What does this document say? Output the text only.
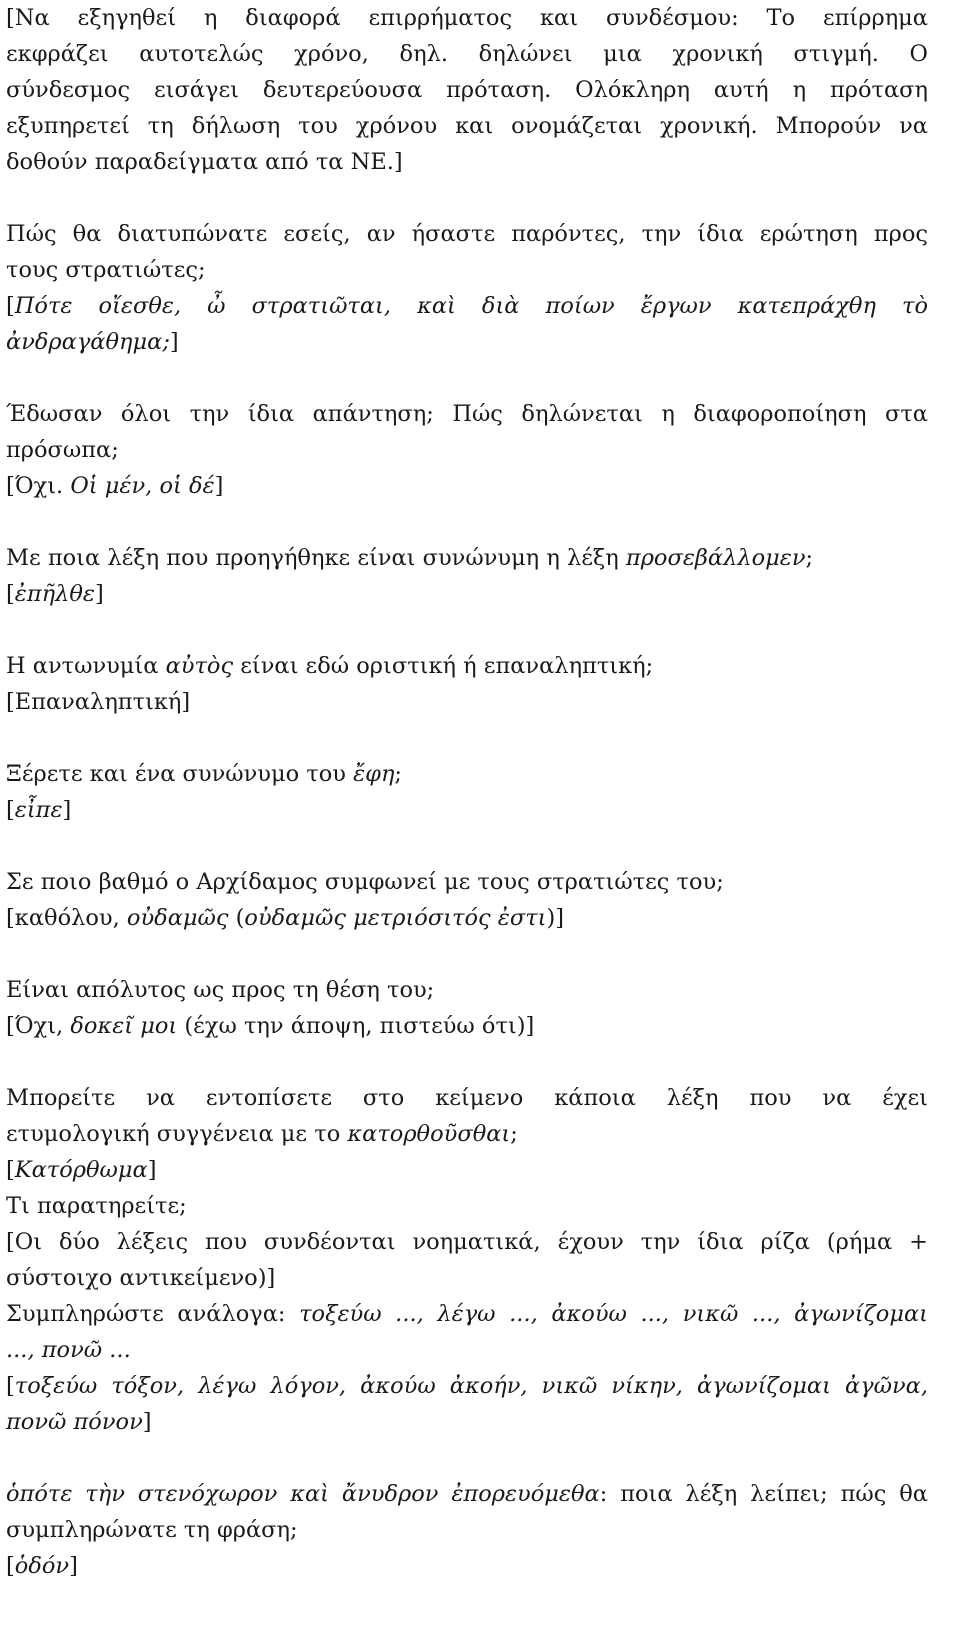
[Να εξηγηθεί η διαφορά επιρρήματος και συνδέσμου: Το επίρρημα
εκφράζει αυτοτελώς χρόνο, δηλ. δηλώνει μια χρονική στιγμή. Ο
σύνδεσμος εισάγει δευτερεύουσα πρόταση. Ολόκληρη αυτή η πρόταση
εξυπηρετεί τη δήλωση του χρόνου και ονομάζεται χρονική. Μπορούν να
δοθούν παραδείγματα από τα ΝΕ.]
Πώς θα διατυπώνατε εσείς, αν ήσαστε παρόντες, την ίδια ερώτηση προς
τους στρατιώτες;
[Πότε οἴεσθε, ὦ στρατιῶται, καὶ διὰ ποίων ἔργων κατεπράχθη τὸ
ἀνδραγάθημα;]
Έδωσαν όλοι την ίδια απάντηση; Πώς δηλώνεται η διαφοροποίηση στα
πρόσωπα;
[Όχι. Οἱ μέν, οἱ δέ]
Με ποια λέξη που προηγήθηκε είναι συνώνυμη η λέξη προσεβάλλομεν;
[ἐπῆλθε]
Η αντωνυμία αὐτὸς είναι εδώ οριστική ή επαναληπτική;
[Επαναληπτική]
Ξέρετε και ένα συνώνυμο του ἔφη;
[εἶπε]
Σε ποιο βαθμό ο Αρχίδαμος συμφωνεί με τους στρατιώτες του;
[καθόλου, οὐδαμῶς (οὐδαμῶς μετριόσιτός ἐστι)]
Είναι απόλυτος ως προς τη θέση του;
[Όχι, δοκεῖ μοι (έχω την άποψη, πιστεύω ότι)]
Μπορείτε να εντοπίσετε στο κείμενο κάποια λέξη που να έχει
ετυμολογική συγγένεια με το κατορθοῦσθαι;
[Κατόρθωμα]
Τι παρατηρείτε;
[Οι δύο λέξεις που συνδέονται νοηματικά, έχουν την ίδια ρίζα (ρήμα +
σύστοιχο αντικείμενο)]
Συμπληρώστε ανάλογα: τοξεύω ..., λέγω ..., ἀκούω ..., νικῶ ..., ἀγωνίζομαι
..., πονῶ ...
[τοξεύω τόξον, λέγω λόγον, ἀκούω ἀκοήν, νικῶ νίκην, ἀγωνίζομαι ἀγῶνα,
πονῶ πόνον]
ὁπότε τὴν στενόχωρον καὶ ἄνυδρον ἐπορευόμεθα: ποια λέξη λείπει; πώς θα
συμπληρώνατε τη φράση;
[ὁδόν]
